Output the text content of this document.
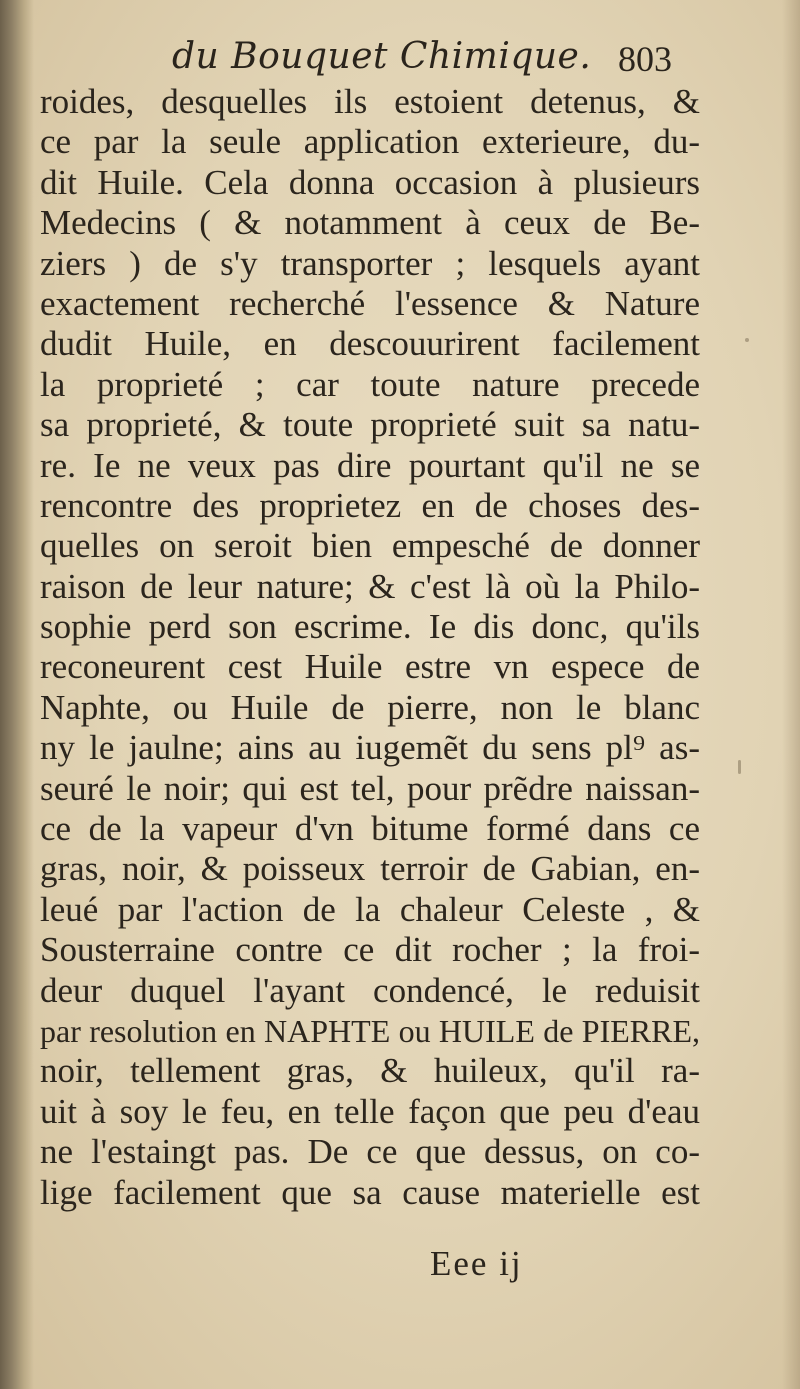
du Bouquet Chimique. 803
roides, desquelles ils estoient detenus, &
ce par la seule application exterieure, du-
dit Huile. Cela donna occasion à plusieurs
Medecins ( & notamment à ceux de Be-
ziers ) de s'y transporter ; lesquels ayant
exactement recherché l'essence & Nature
dudit Huile, en descouurirent facilement
la proprieté ; car toute nature precede
sa proprieté, & toute proprieté suit sa natu-
re. Ie ne veux pas dire pourtant qu'il ne se
rencontre des proprietez en de choses des-
quelles on seroit bien empesché de donner
raison de leur nature; & c'est là où la Philo-
sophie perd son escrime. Ie dis donc, qu'ils
reconeurent cest Huile estre vn espece de
Naphte, ou Huile de pierre, non le blanc
ny le jaulne; ains au iugemẽt du sens pl⁹ as-
seuré le noir; qui est tel, pour prẽdre naissan-
ce de la vapeur d'vn bitume formé dans ce
gras, noir, & poisseux terroir de Gabian, en-
leué par l'action de la chaleur Celeste , &
Sousterraine contre ce dit rocher ; la froi-
deur duquel l'ayant condencé, le reduisit
par resolution en NAPHTE ou HUILE de PIERRE,
noir, tellement gras, & huileux, qu'il ra-
uit à soy le feu, en telle façon que peu d'eau
ne l'estaingt pas. De ce que dessus, on co-
lige facilement que sa cause materielle est
Eee ij
